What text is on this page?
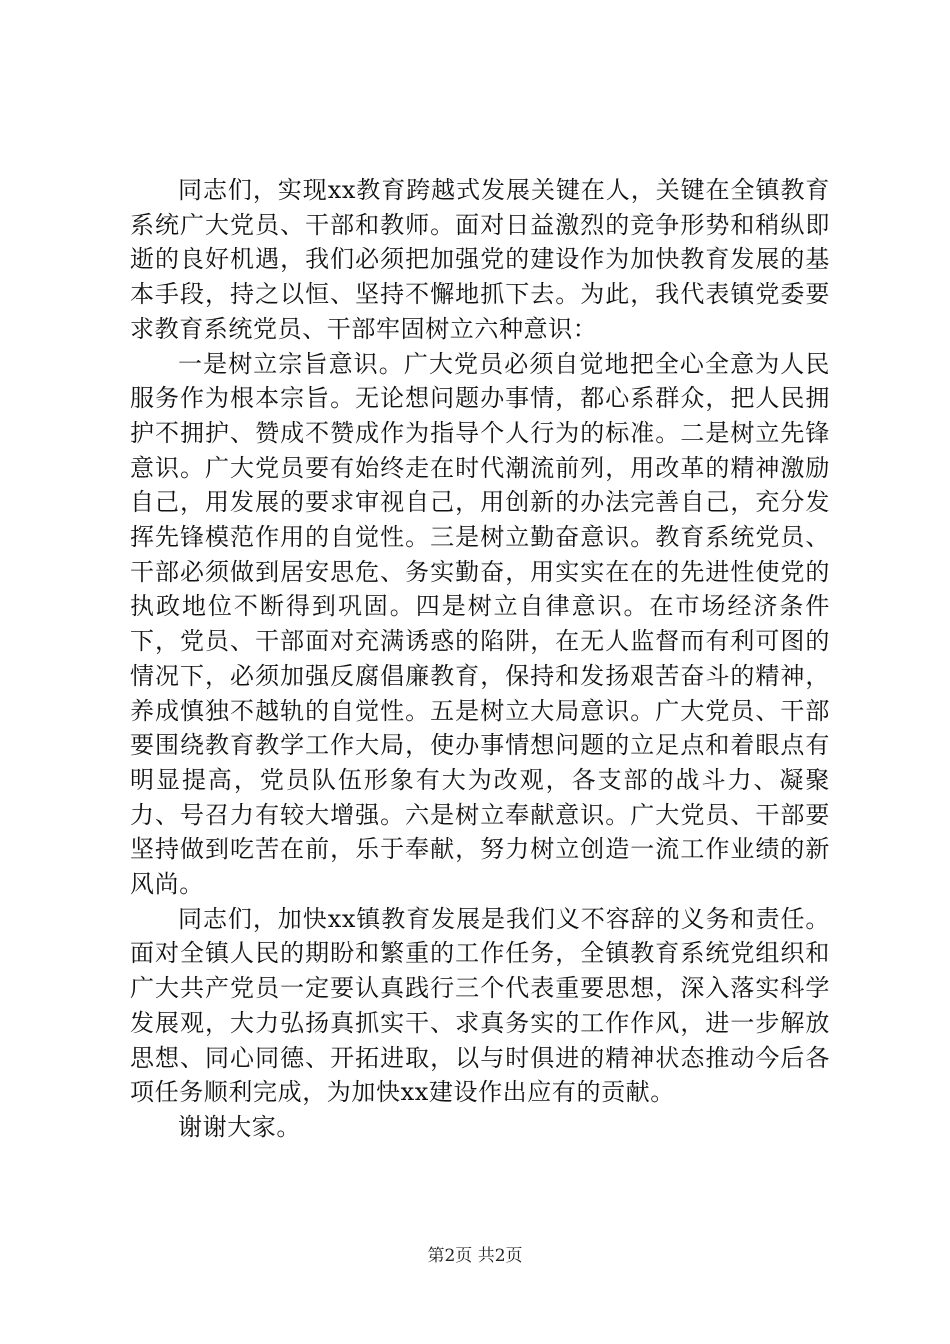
同志们，实现xx教育跨越式发展关键在人，关键在全镇教育系统广大党员、干部和教师。面对日益激烈的竞争形势和稍纵即逝的良好机遇，我们必须把加强党的建设作为加快教育发展的基本手段，持之以恒、坚持不懈地抓下去。为此，我代表镇党委要求教育系统党员、干部牢固树立六种意识：

一是树立宗旨意识。广大党员必须自觉地把全心全意为人民服务作为根本宗旨。无论想问题办事情，都心系群众，把人民拥护不拥护、赞成不赞成作为指导个人行为的标准。二是树立先锋意识。广大党员要有始终走在时代潮流前列，用改革的精神激励自己，用发展的要求审视自己，用创新的办法完善自己，充分发挥先锋模范作用的自觉性。三是树立勤奋意识。教育系统党员、干部必须做到居安思危、务实勤奋，用实实在在的先进性使党的执政地位不断得到巩固。四是树立自律意识。在市场经济条件下，党员、干部面对充满诱惑的陷阱，在无人监督而有利可图的情况下，必须加强反腐倡廉教育，保持和发扬艰苦奋斗的精神，养成慎独不越轨的自觉性。五是树立大局意识。广大党员、干部要围绕教育教学工作大局，使办事情想问题的立足点和着眼点有明显提高，党员队伍形象有大为改观，各支部的战斗力、凝聚力、号召力有较大增强。六是树立奉献意识。广大党员、干部要坚持做到吃苦在前，乐于奉献，努力树立创造一流工作业绩的新风尚。

同志们，加快xx镇教育发展是我们义不容辞的义务和责任。面对全镇人民的期盼和繁重的工作任务，全镇教育系统党组织和广大共产党员一定要认真践行三个代表重要思想，深入落实科学发展观，大力弘扬真抓实干、求真务实的工作作风，进一步解放思想、同心同德、开拓进取，以与时俱进的精神状态推动今后各项任务顺利完成，为加快xx建设作出应有的贡献。

谢谢大家。

第2页 共2页
